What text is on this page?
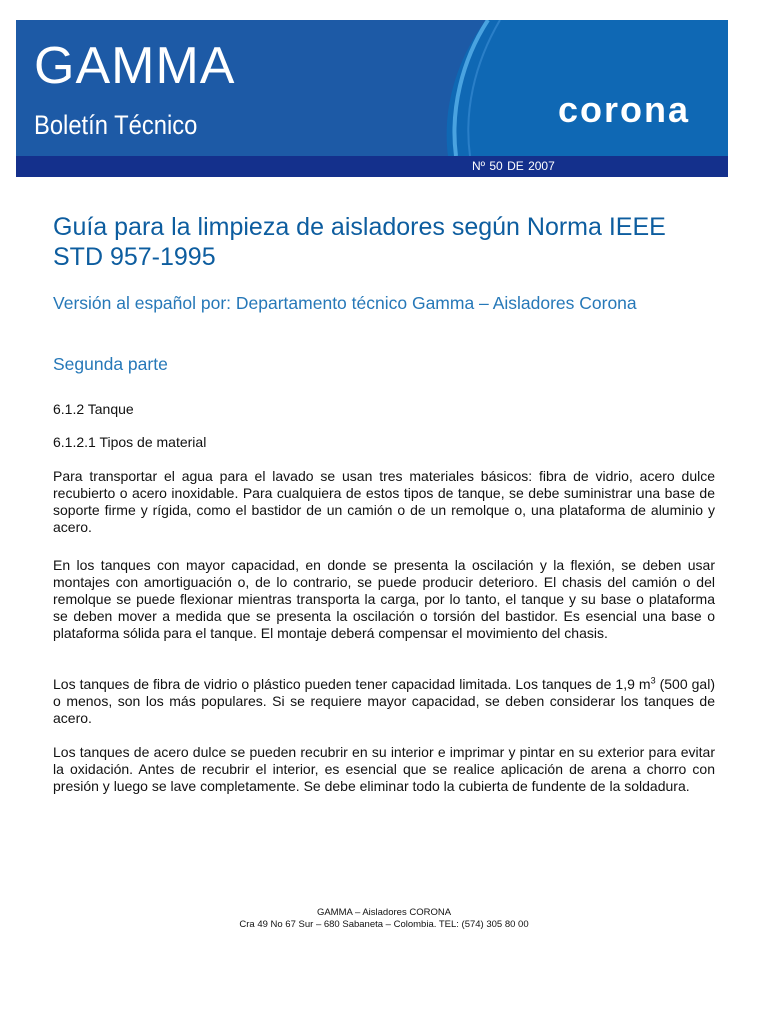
GAMMA
Boletín Técnico	corona
Nº 50 DE 2007
Guía para la limpieza de aisladores según Norma IEEE STD 957-1995
Versión al español por: Departamento técnico Gamma – Aisladores Corona
Segunda parte

6.1.2 Tanque

6.1.2.1 Tipos de material

Para transportar el agua para el lavado se usan tres materiales básicos: fibra de vidrio, acero dulce recubierto o acero inoxidable. Para cualquiera de estos tipos de tanque, se debe suministrar una base de soporte firme y rígida, como el bastidor de un camión o de un remolque o, una plataforma de aluminio y acero.

En los tanques con mayor capacidad, en donde se presenta la oscilación y la flexión, se deben usar montajes con amortiguación o, de lo contrario, se puede producir deterioro. El chasis del camión o del remolque se puede flexionar mientras transporta la carga, por lo tanto, el tanque y su base o plataforma se deben mover a medida que se presenta la oscilación o torsión del bastidor. Es esencial una base o plataforma sólida para el tanque. El montaje deberá compensar el movimiento del chasis.

Los tanques de fibra de vidrio o plástico pueden tener capacidad limitada. Los tanques de 1,9 $m^3$ (500 gal) o menos, son los más populares. Si se requiere mayor capacidad, se deben considerar los tanques de acero.

Los tanques de acero dulce se pueden recubrir en su interior e imprimar y pintar en su exterior para evitar la oxidación. Antes de recubrir el interior, es esencial que se realice aplicación de arena a chorro con presión y luego se lave completamente. Se debe eliminar todo la cubierta de fundente de la soldadura.

GAMMA – Aisladores CORONA
Cra 49 No 67 Sur – 680 Sabaneta – Colombia. TEL: (574) 305 80 00
